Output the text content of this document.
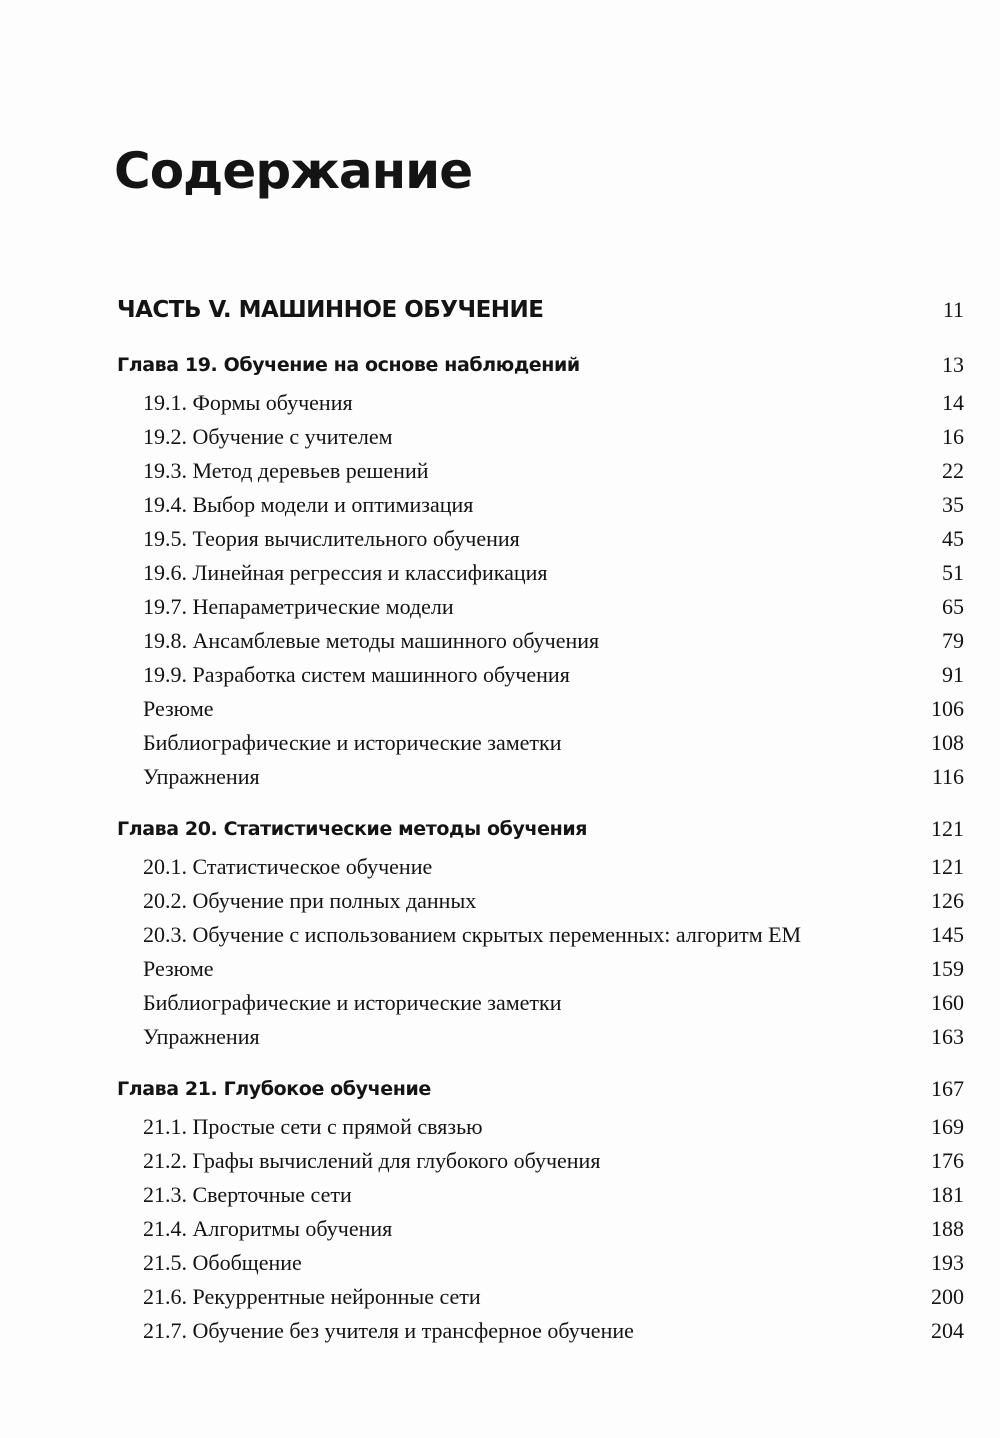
Содержание
ЧАСТЬ V. МАШИННОЕ ОБУЧЕНИЕ	11
Глава 19. Обучение на основе наблюдений	13
19.1. Формы обучения	14
19.2. Обучение с учителем	16
19.3. Метод деревьев решений	22
19.4. Выбор модели и оптимизация	35
19.5. Теория вычислительного обучения	45
19.6. Линейная регрессия и классификация	51
19.7. Непараметрические модели	65
19.8. Ансамблевые методы машинного обучения	79
19.9. Разработка систем машинного обучения	91
Резюме	106
Библиографические и исторические заметки	108
Упражнения	116
Глава 20. Статистические методы обучения	121
20.1. Статистическое обучение	121
20.2. Обучение при полных данных	126
20.3. Обучение с использованием скрытых переменных: алгоритм EM	145
Резюме	159
Библиографические и исторические заметки	160
Упражнения	163
Глава 21. Глубокое обучение	167
21.1. Простые сети с прямой связью	169
21.2. Графы вычислений для глубокого обучения	176
21.3. Сверточные сети	181
21.4. Алгоритмы обучения	188
21.5. Обобщение	193
21.6. Рекуррентные нейронные сети	200
21.7. Обучение без учителя и трансферное обучение	204
